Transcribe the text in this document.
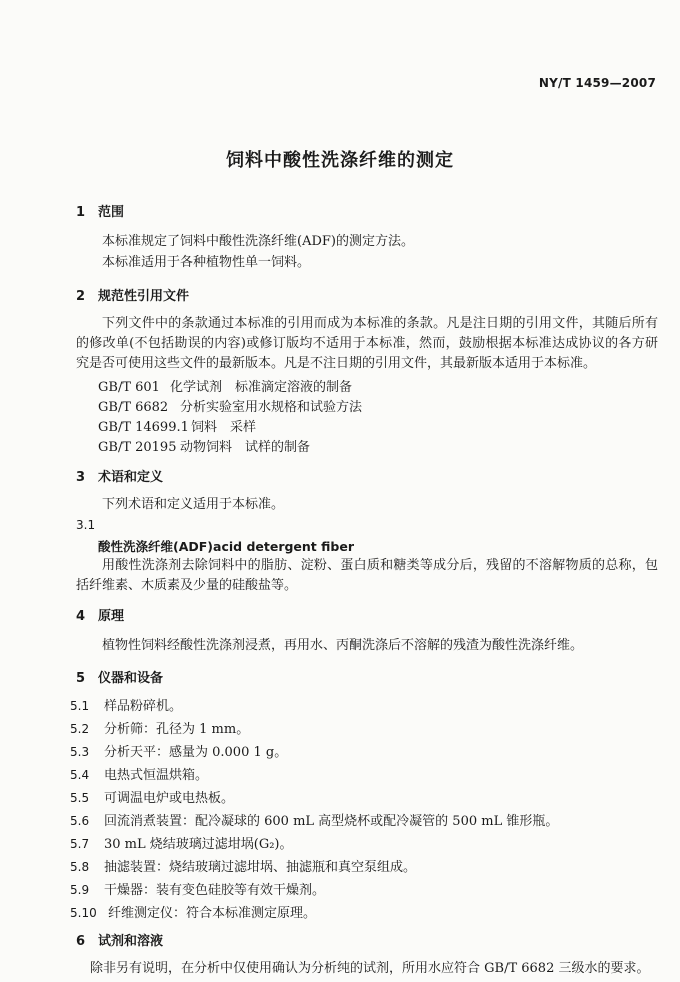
NY/T 1459—2007
饲料中酸性洗涤纤维的测定
1 范围
本标准规定了饲料中酸性洗涤纤维(ADF)的测定方法。
本标准适用于各种植物性单一饲料。
2 规范性引用文件
下列文件中的条款通过本标准的引用而成为本标准的条款。凡是注日期的引用文件，其随后所有的修改单(不包括勘误的内容)或修订版均不适用于本标准，然而，鼓励根据本标准达成协议的各方研究是否可使用这些文件的最新版本。凡是不注日期的引用文件，其最新版本适用于本标准。
GB/T 601 化学试剂　标准滴定溶液的制备
GB/T 6682 分析实验室用水规格和试验方法
GB/T 14699.1 饲料　采样
GB/T 20195 动物饲料　试样的制备
3 术语和定义
下列术语和定义适用于本标准。
3.1
酸性洗涤纤维(ADF)acid detergent fiber
用酸性洗涤剂去除饲料中的脂肪、淀粉、蛋白质和糖类等成分后，残留的不溶解物质的总称，包括纤维素、木质素及少量的硅酸盐等。
4 原理
植物性饲料经酸性洗涤剂浸煮，再用水、丙酮洗涤后不溶解的残渣为酸性洗涤纤维。
5 仪器和设备
5.1 样品粉碎机。
5.2 分析筛：孔径为 1 mm。
5.3 分析天平：感量为 0.000 1 g。
5.4 电热式恒温烘箱。
5.5 可调温电炉或电热板。
5.6 回流消煮装置：配冷凝球的 600 mL 高型烧杯或配冷凝管的 500 mL 锥形瓶。
5.7 30 mL 烧结玻璃过滤坩埚(G₂)。
5.8 抽滤装置：烧结玻璃过滤坩埚、抽滤瓶和真空泵组成。
5.9 干燥器：装有变色硅胶等有效干燥剂。
5.10 纤维测定仪：符合本标准测定原理。
6 试剂和溶液
除非另有说明，在分析中仅使用确认为分析纯的试剂，所用水应符合 GB/T 6682 三级水的要求。
